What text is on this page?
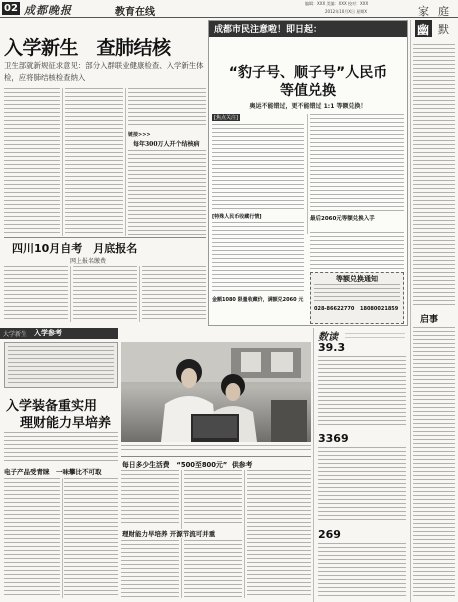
02 成都晚报	教育在线
编辑：XXX 美编：XXX 校对：XXX
2012年10月X日 星期X
入学新生　查肺结核
卫生部就新规征求意见：部分入群联业健康检查、入学新生体检，应将肺结核检查纳入
链接>>>
每年300万人开个结核病
成都市民注意啦！即日起：
“豹子号、顺子号”人民币
等值兑换
奥运不能错过，更不能错过 1:1 等额兑换！
[焦点关注]
最后2060元等额兑换入手
[特殊人民币收藏行情]
金额1080 限量收藏价，满额兑2060 元
等额兑换通知
028-86622770 18080021859
四川10月自考　月底报名
网上报名缴费
大学新生 入学参考
入学装备重实用
理财能力早培养
电子产品受青睐　一味攀比不可取
每日多少生活费　“500至800元” 供参考
理财能力早培养 开源节流可并重
数读
39.3
3369
269
家 庭
幽 默
启事
